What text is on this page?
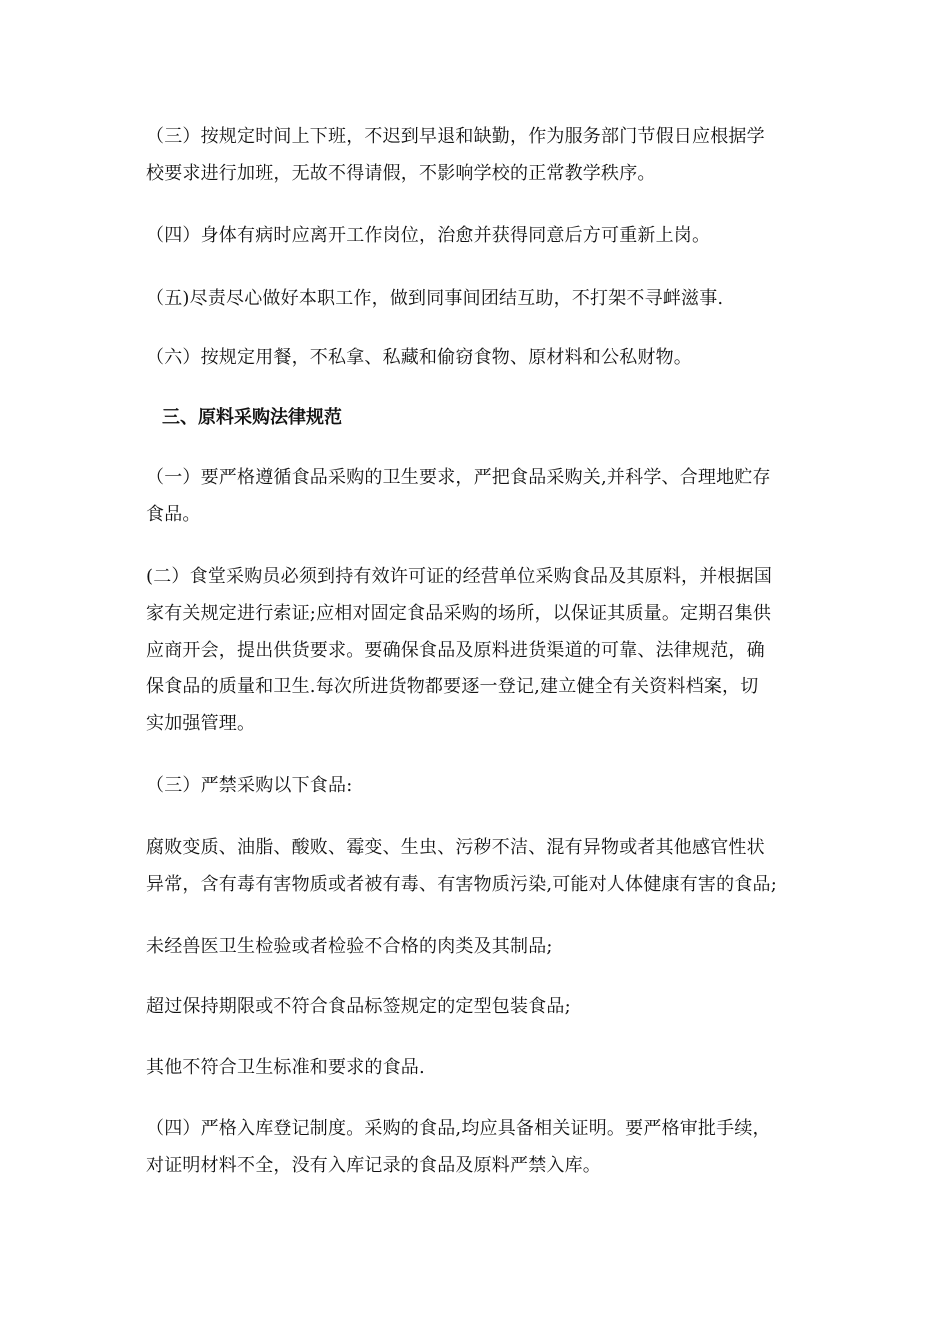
（三）按规定时间上下班，不迟到早退和缺勤，作为服务部门节假日应根据学
校要求进行加班，无故不得请假，不影响学校的正常教学秩序。
（四）身体有病时应离开工作岗位，治愈并获得同意后方可重新上岗。
（五)尽责尽心做好本职工作，做到同事间团结互助，不打架不寻衅滋事.
（六）按规定用餐，不私拿、私藏和偷窃食物、原材料和公私财物。
三、原料采购法律规范
（一）要严格遵循食品采购的卫生要求，严把食品采购关,并科学、合理地贮存
食品。
(二）食堂采购员必须到持有效许可证的经营单位采购食品及其原料，并根据国
家有关规定进行索证;应相对固定食品采购的场所，以保证其质量。定期召集供
应商开会，提出供货要求。要确保食品及原料进货渠道的可靠、法律规范，确
保食品的质量和卫生.每次所进货物都要逐一登记,建立健全有关资料档案，切
实加强管理。
（三）严禁采购以下食品:
腐败变质、油脂、酸败、霉变、生虫、污秽不洁、混有异物或者其他感官性状
异常，含有毒有害物质或者被有毒、有害物质污染,可能对人体健康有害的食品;
未经兽医卫生检验或者检验不合格的肉类及其制品;
超过保持期限或不符合食品标签规定的定型包装食品;
其他不符合卫生标准和要求的食品.
（四）严格入库登记制度。采购的食品,均应具备相关证明。要严格审批手续，
对证明材料不全，没有入库记录的食品及原料严禁入库。
